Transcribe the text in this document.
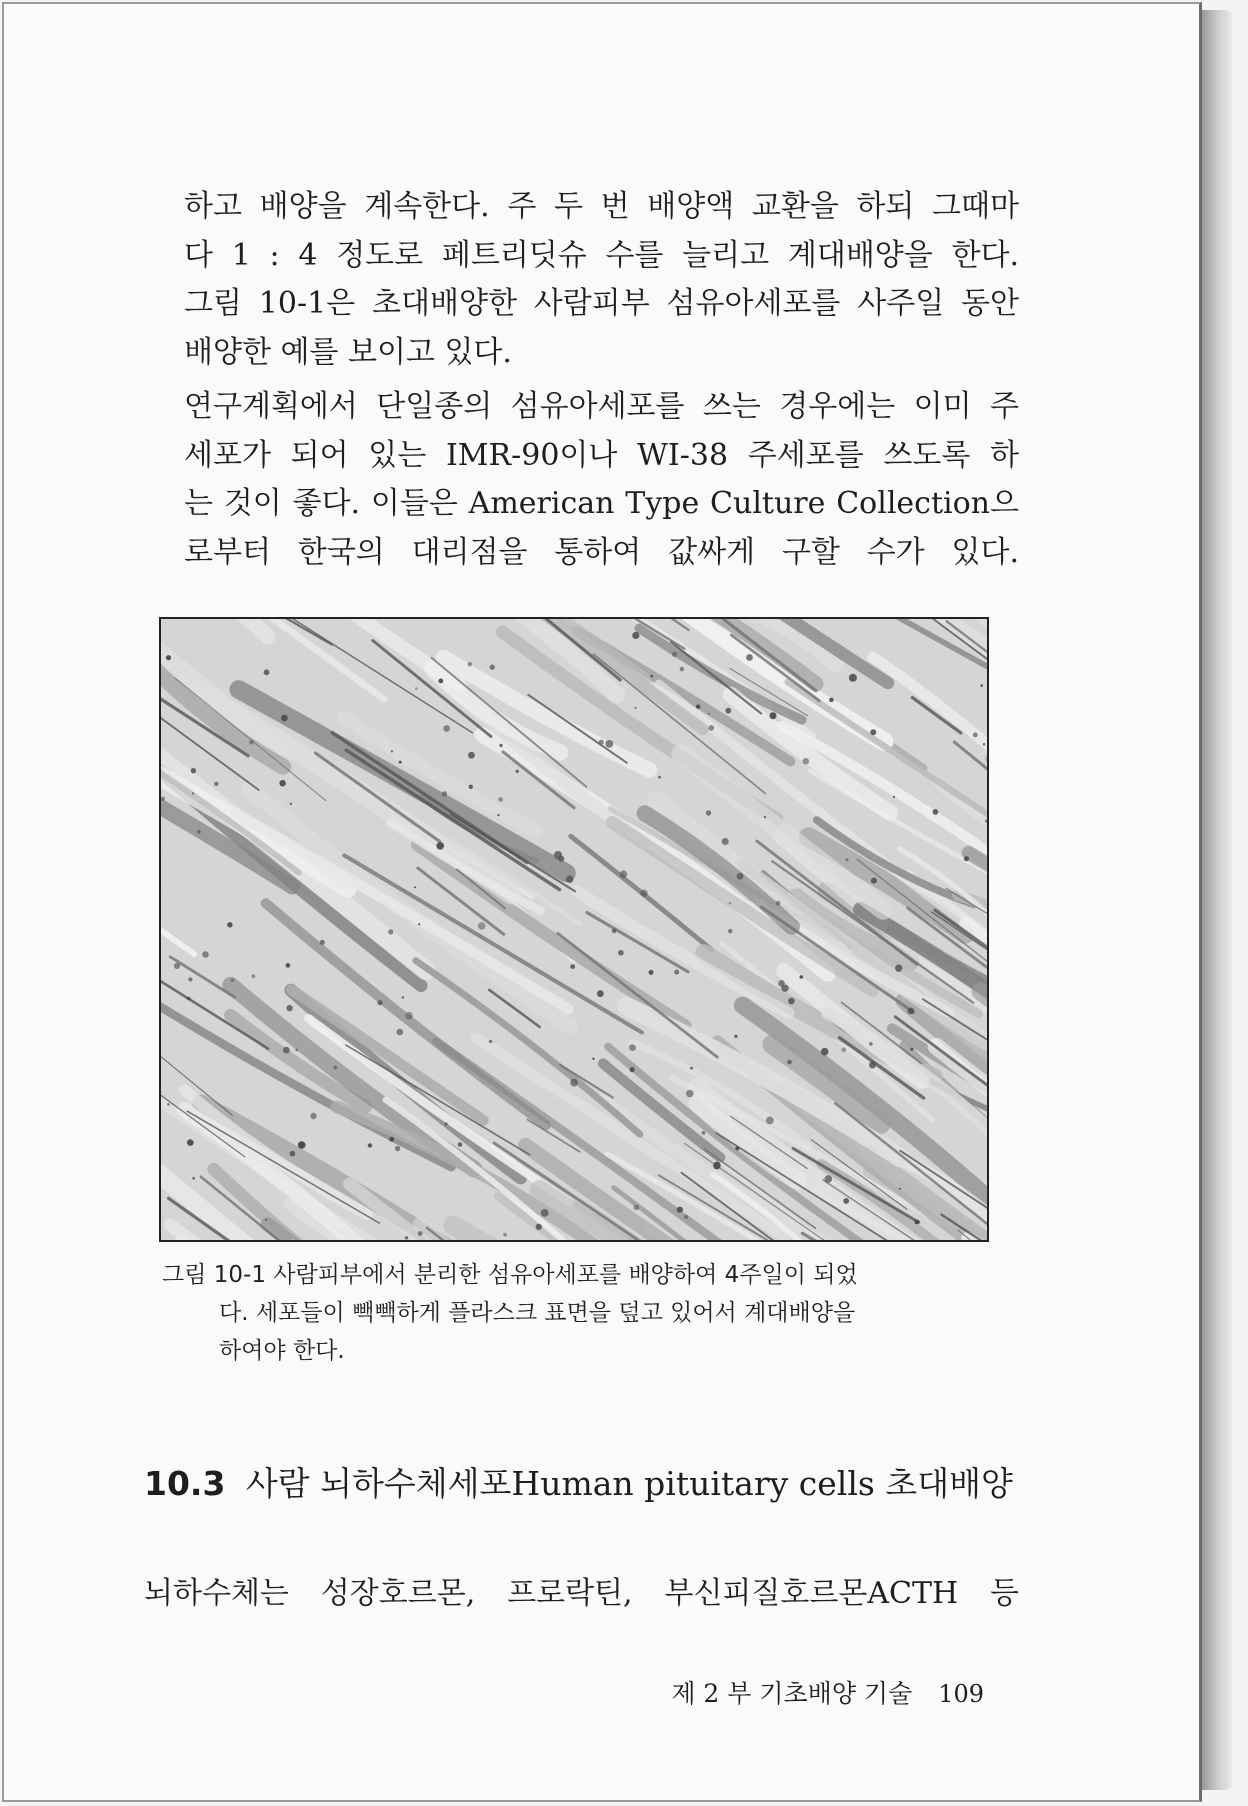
하고 배양을 계속한다. 주 두 번 배양액 교환을 하되 그때마
다 1 : 4 정도로 페트리딧슈 수를 늘리고 계대배양을 한다.
그림 10-1은 초대배양한 사람피부 섬유아세포를 사주일 동안
배양한 예를 보이고 있다.

연구계획에서 단일종의 섬유아세포를 쓰는 경우에는 이미 주
세포가 되어 있는 IMR-90이나 WI-38 주세포를 쓰도록 하
는 것이 좋다. 이들은 American Type Culture Collection으
로부터 한국의 대리점을 통하여 값싸게 구할 수가 있다.

그림 10-1 사람피부에서 분리한 섬유아세포를 배양하여 4주일이 되었
다. 세포들이 빽빽하게 플라스크 표면을 덮고 있어서 계대배양을
하여야 한다.
10.3 사람 뇌하수체세포Human pituitary cells 초대배양
뇌하수체는 성장호르몬, 프로락틴, 부신피질호르몬ACTH 등
제 2 부 기초배양 기술 109
